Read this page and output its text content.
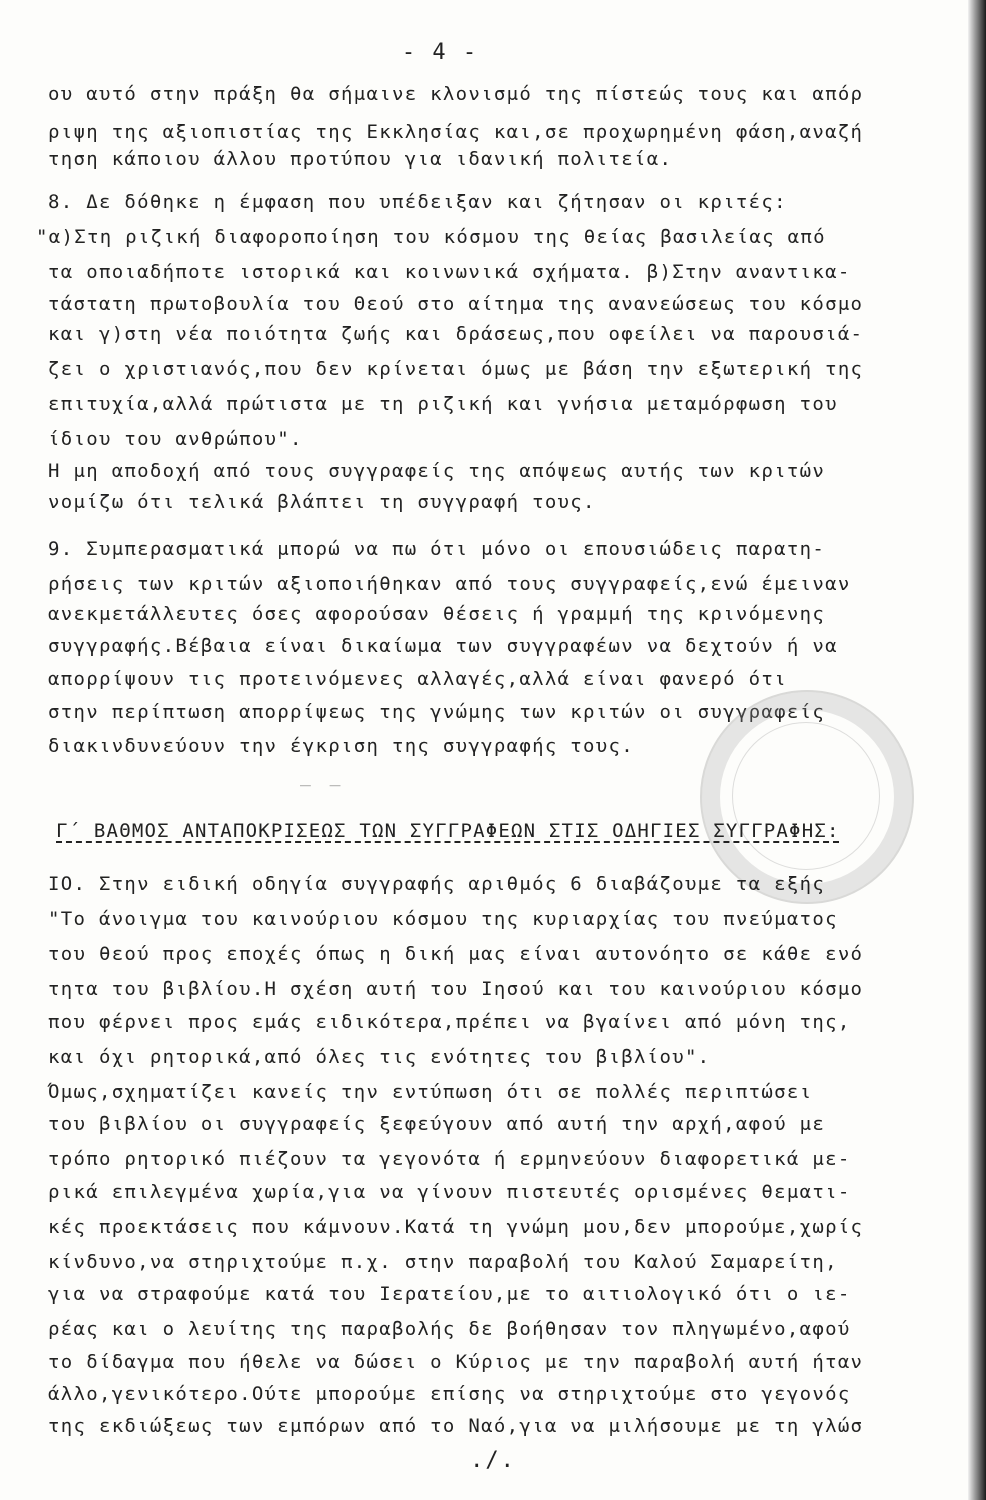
- 4 -
ου αυτό στην πράξη θα σήμαινε κλονισμό της πίστεώς τους και απόρ
ριψη της αξιοπιστίας της Εκκλησίας και,σε προχωρημένη φάση,αναζή
τηση κάποιου άλλου προτύπου για ιδανική πολιτεία.
8. Δε δόθηκε η έμφαση που υπέδειξαν και ζήτησαν οι κριτές:
"α)Στη ριζική διαφοροποίηση του κόσμου της θείας βασιλείας από
τα οποιαδήποτε ιστορικά και κοινωνικά σχήματα. β)Στην αναντικα-
τάστατη πρωτοβουλία του Θεού στο αίτημα της ανανεώσεως του κόσμο
και γ)στη νέα ποιότητα ζωής και δράσεως,που οφείλει να παρουσιά-
ζει ο χριστιανός,που δεν κρίνεται όμως με βάση την εξωτερική της
επιτυχία,αλλά πρώτιστα με τη ριζική και γνήσια μεταμόρφωση του
ίδιου του ανθρώπου".
Η μη αποδοχή από τους συγγραφείς της απόψεως αυτής των κριτών
νομίζω ότι τελικά βλάπτει τη συγγραφή τους.
9. Συμπερασματικά μπορώ να πω ότι μόνο οι επουσιώδεις παρατη-
ρήσεις των κριτών αξιοποιήθηκαν από τους συγγραφείς,ενώ έμειναν
ανεκμετάλλευτες όσες αφορούσαν θέσεις ή γραμμή της κρινόμενης
συγγραφής.Βέβαια είναι δικαίωμα των συγγραφέων να δεχτούν ή να
απορρίψουν τις προτεινόμενες αλλαγές,αλλά είναι φανερό ότι
στην περίπτωση απορρίψεως της γνώμης των κριτών οι συγγραφείς
διακινδυνεύουν την έγκριση της συγγραφής τους.
_ _
Γ΄ ΒΑΘΜΟΣ ΑΝΤΑΠΟΚΡΙΣΕΩΣ ΤΩΝ ΣΥΓΓΡΑΦΕΩΝ ΣΤΙΣ ΟΔΗΓΙΕΣ ΣΥΓΓΡΑΦΗΣ:
ΙΟ. Στην ειδική οδηγία συγγραφής αριθμός 6 διαβάζουμε τα εξής
"Το άνοιγμα του καινούριου κόσμου της κυριαρχίας του πνεύματος
του θεού προς εποχές όπως η δική μας είναι αυτονόητο σε κάθε ενό
τητα του βιβλίου.Η σχέση αυτή του Ιησού και του καινούριου κόσμο
που φέρνει προς εμάς ειδικότερα,πρέπει να βγαίνει από μόνη της,
και όχι ρητορικά,από όλες τις ενότητες του βιβλίου".
Όμως,σχηματίζει κανείς την εντύπωση ότι σε πολλές περιπτώσει
του βιβλίου οι συγγραφείς ξεφεύγουν από αυτή την αρχή,αφού με
τρόπο ρητορικό πιέζουν τα γεγονότα ή ερμηνεύουν διαφορετικά με-
ρικά επιλεγμένα χωρία,για να γίνουν πιστευτές ορισμένες θεματι-
κές προεκτάσεις που κάμνουν.Κατά τη γνώμη μου,δεν μπορούμε,χωρίς
κίνδυνο,να στηριχτούμε π.χ. στην παραβολή του Καλού Σαμαρείτη,
για να στραφούμε κατά του Ιερατείου,με το αιτιολογικό ότι ο ιε-
ρέας και ο λευίτης της παραβολής δε βοήθησαν τον πληγωμένο,αφού
το δίδαγμα που ήθελε να δώσει ο Κύριος με την παραβολή αυτή ήταν
άλλο,γενικότερο.Ούτε μπορούμε επίσης να στηριχτούμε στο γεγονός
της εκδιώξεως των εμπόρων από το Ναό,για να μιλήσουμε με τη γλώσ
./.
